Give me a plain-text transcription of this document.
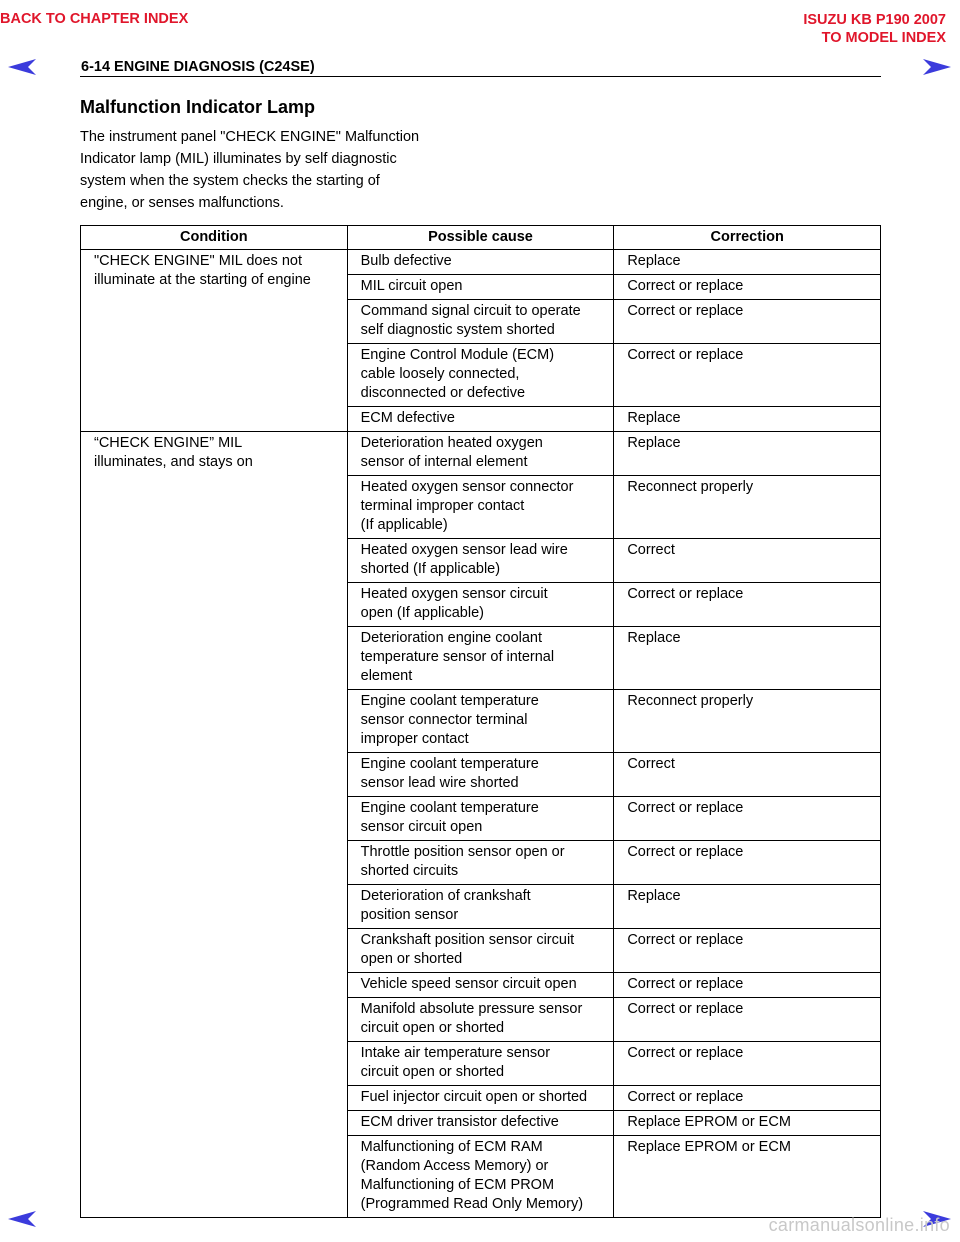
BACK TO CHAPTER INDEX	ISUZU KB P190 2007
TO MODEL INDEX
6-14 ENGINE DIAGNOSIS (C24SE)
Malfunction Indicator Lamp
The instrument panel "CHECK ENGINE" Malfunction
Indicator lamp (MIL) illuminates by self diagnostic
system when the system checks the starting of
engine, or senses malfunctions.
Condition	Possible cause	Correction
"CHECK ENGINE" MIL does not
illuminate at the starting of engine	Bulb defective	Replace
	MIL circuit open	Correct or replace
	Command signal circuit to operate
self diagnostic system shorted	Correct or replace
	Engine Control Module (ECM)
cable loosely connected,
disconnected or defective	Correct or replace
	ECM defective	Replace
“CHECK ENGINE” MIL
illuminates, and stays on	Deterioration heated oxygen
sensor of internal element	Replace
	Heated oxygen sensor connector
terminal improper contact
(If applicable)	Reconnect properly
	Heated oxygen sensor lead wire
shorted (If applicable)	Correct
	Heated oxygen sensor circuit
open (If applicable)	Correct or replace
	Deterioration engine coolant
temperature sensor of internal
element	Replace
	Engine coolant temperature
sensor connector terminal
improper contact	Reconnect properly
	Engine coolant temperature
sensor lead wire shorted	Correct
	Engine coolant temperature
sensor circuit open	Correct or replace
	Throttle position sensor open or
shorted circuits	Correct or replace
	Deterioration of crankshaft
position sensor	Replace
	Crankshaft position sensor circuit
open or shorted	Correct or replace
	Vehicle speed sensor circuit open	Correct or replace
	Manifold absolute pressure sensor
circuit open or shorted	Correct or replace
	Intake air temperature sensor
circuit open or shorted	Correct or replace
	Fuel injector circuit open or shorted	Correct or replace
	ECM driver transistor defective	Replace EPROM or ECM
	Malfunctioning of ECM RAM
(Random Access Memory) or
Malfunctioning of ECM PROM
(Programmed Read Only Memory)	Replace EPROM or ECM
carmanualsonline.info
